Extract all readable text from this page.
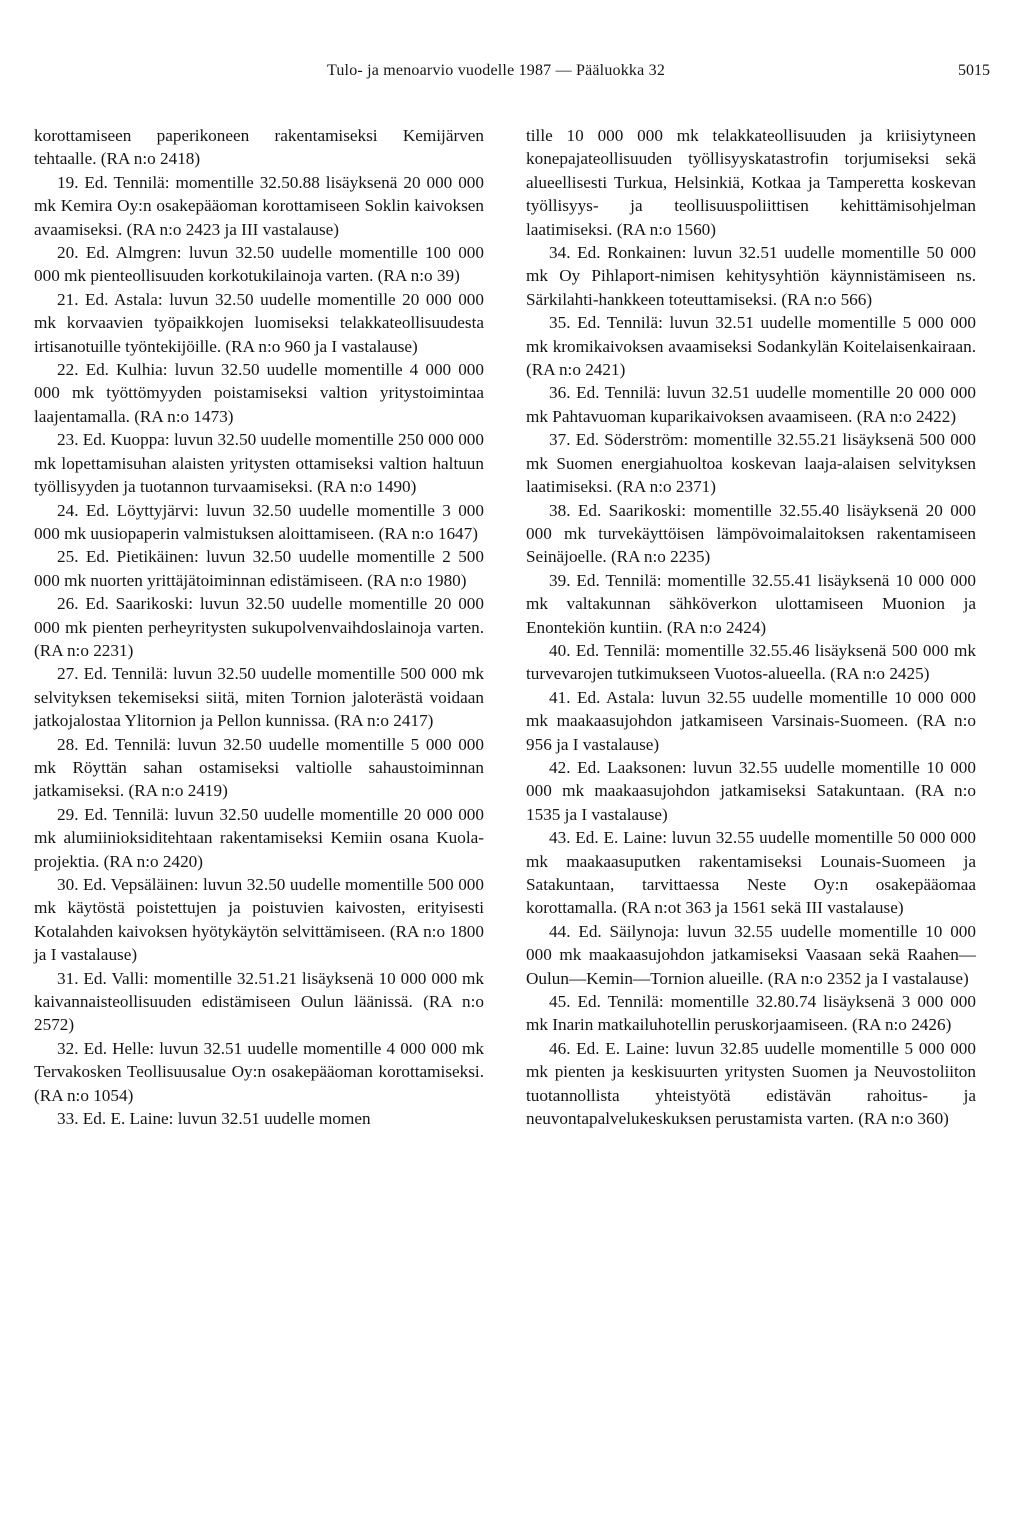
Tulo- ja menoarvio vuodelle 1987 — Pääluokka 32	5015

korottamiseen paperikoneen rakentamiseksi Kemijärven tehtaalle. (RA n:o 2418)

19. Ed. Tennilä: momentille 32.50.88 lisäyksenä 20 000 000 mk Kemira Oy:n osakepääoman korottamiseen Soklin kaivoksen avaamiseksi. (RA n:o 2423 ja III vastalause)

20. Ed. Almgren: luvun 32.50 uudelle momentille 100 000 000 mk pienteollisuuden korkotukilainoja varten. (RA n:o 39)

21. Ed. Astala: luvun 32.50 uudelle momentille 20 000 000 mk korvaavien työpaikkojen luomiseksi telakkateollisuudesta irtisanotuille työntekijöille. (RA n:o 960 ja I vastalause)

22. Ed. Kulhia: luvun 32.50 uudelle momentille 4 000 000 000 mk työttömyyden poistamiseksi valtion yritystoimintaa laajentamalla. (RA n:o 1473)

23. Ed. Kuoppa: luvun 32.50 uudelle momentille 250 000 000 mk lopettamisuhan alaisten yritysten ottamiseksi valtion haltuun työllisyyden ja tuotannon turvaamiseksi. (RA n:o 1490)

24. Ed. Löyttyjärvi: luvun 32.50 uudelle momentille 3 000 000 mk uusiopaperin valmistuksen aloittamiseen. (RA n:o 1647)

25. Ed. Pietikäinen: luvun 32.50 uudelle momentille 2 500 000 mk nuorten yrittäjätoiminnan edistämiseen. (RA n:o 1980)

26. Ed. Saarikoski: luvun 32.50 uudelle momentille 20 000 000 mk pienten perheyritysten sukupolvenvaihdoslainoja varten. (RA n:o 2231)

27. Ed. Tennilä: luvun 32.50 uudelle momentille 500 000 mk selvityksen tekemiseksi siitä, miten Tornion jaloterästä voidaan jatkojalostaa Ylitornion ja Pellon kunnissa. (RA n:o 2417)

28. Ed. Tennilä: luvun 32.50 uudelle momentille 5 000 000 mk Röyttän sahan ostamiseksi valtiolle sahaustoiminnan jatkamiseksi. (RA n:o 2419)

29. Ed. Tennilä: luvun 32.50 uudelle momentille 20 000 000 mk alumiinioksiditehtaan rakentamiseksi Kemiin osana Kuola-projektia. (RA n:o 2420)

30. Ed. Vepsäläinen: luvun 32.50 uudelle momentille 500 000 mk käytöstä poistettujen ja poistuvien kaivosten, erityisesti Kotalahden kaivoksen hyötykäytön selvittämiseen. (RA n:o 1800 ja I vastalause)

31. Ed. Valli: momentille 32.51.21 lisäyksenä 10 000 000 mk kaivannaisteollisuuden edistämiseen Oulun läänissä. (RA n:o 2572)

32. Ed. Helle: luvun 32.51 uudelle momentille 4 000 000 mk Tervakosken Teollisuusalue Oy:n osakepääoman korottamiseksi. (RA n:o 1054)

33. Ed. E. Laine: luvun 32.51 uudelle momen

tille 10 000 000 mk telakkateollisuuden ja kriisiytyneen konepajateollisuuden työllisyyskatastrofin torjumiseksi sekä alueellisesti Turkua, Helsinkiä, Kotkaa ja Tamperetta koskevan työllisyys- ja teollisuuspoliittisen kehittämisohjelman laatimiseksi. (RA n:o 1560)

34. Ed. Ronkainen: luvun 32.51 uudelle momentille 50 000 mk Oy Pihlaport-nimisen kehitysyhtiön käynnistämiseen ns. Särkilahti-hankkeen toteuttamiseksi. (RA n:o 566)

35. Ed. Tennilä: luvun 32.51 uudelle momentille 5 000 000 mk kromikaivoksen avaamiseksi Sodankylän Koitelaisenkairaan. (RA n:o 2421)

36. Ed. Tennilä: luvun 32.51 uudelle momentille 20 000 000 mk Pahtavuoman kuparikaivoksen avaamiseen. (RA n:o 2422)

37. Ed. Söderström: momentille 32.55.21 lisäyksenä 500 000 mk Suomen energiahuoltoa koskevan laaja-alaisen selvityksen laatimiseksi. (RA n:o 2371)

38. Ed. Saarikoski: momentille 32.55.40 lisäyksenä 20 000 000 mk turvekäyttöisen lämpövoimalaitoksen rakentamiseen Seinäjoelle. (RA n:o 2235)

39. Ed. Tennilä: momentille 32.55.41 lisäyksenä 10 000 000 mk valtakunnan sähköverkon ulottamiseen Muonion ja Enontekiön kuntiin. (RA n:o 2424)

40. Ed. Tennilä: momentille 32.55.46 lisäyksenä 500 000 mk turvevarojen tutkimukseen Vuotos-alueella. (RA n:o 2425)

41. Ed. Astala: luvun 32.55 uudelle momentille 10 000 000 mk maakaasujohdon jatkamiseen Varsinais-Suomeen. (RA n:o 956 ja I vastalause)

42. Ed. Laaksonen: luvun 32.55 uudelle momentille 10 000 000 mk maakaasujohdon jatkamiseksi Satakuntaan. (RA n:o 1535 ja I vastalause)

43. Ed. E. Laine: luvun 32.55 uudelle momentille 50 000 000 mk maakaasuputken rakentamiseksi Lounais-Suomeen ja Satakuntaan, tarvittaessa Neste Oy:n osakepääomaa korottamalla. (RA n:ot 363 ja 1561 sekä III vastalause)

44. Ed. Säilynoja: luvun 32.55 uudelle momentille 10 000 000 mk maakaasujohdon jatkamiseksi Vaasaan sekä Raahen—Oulun—Kemin—Tornion alueille. (RA n:o 2352 ja I vastalause)

45. Ed. Tennilä: momentille 32.80.74 lisäyksenä 3 000 000 mk Inarin matkailuhotellin peruskorjaamiseen. (RA n:o 2426)

46. Ed. E. Laine: luvun 32.85 uudelle momentille 5 000 000 mk pienten ja keskisuurten yritysten Suomen ja Neuvostoliiton tuotannollista yhteistyötä edistävän rahoitus- ja neuvontapalvelukeskuksen perustamista varten. (RA n:o 360)
